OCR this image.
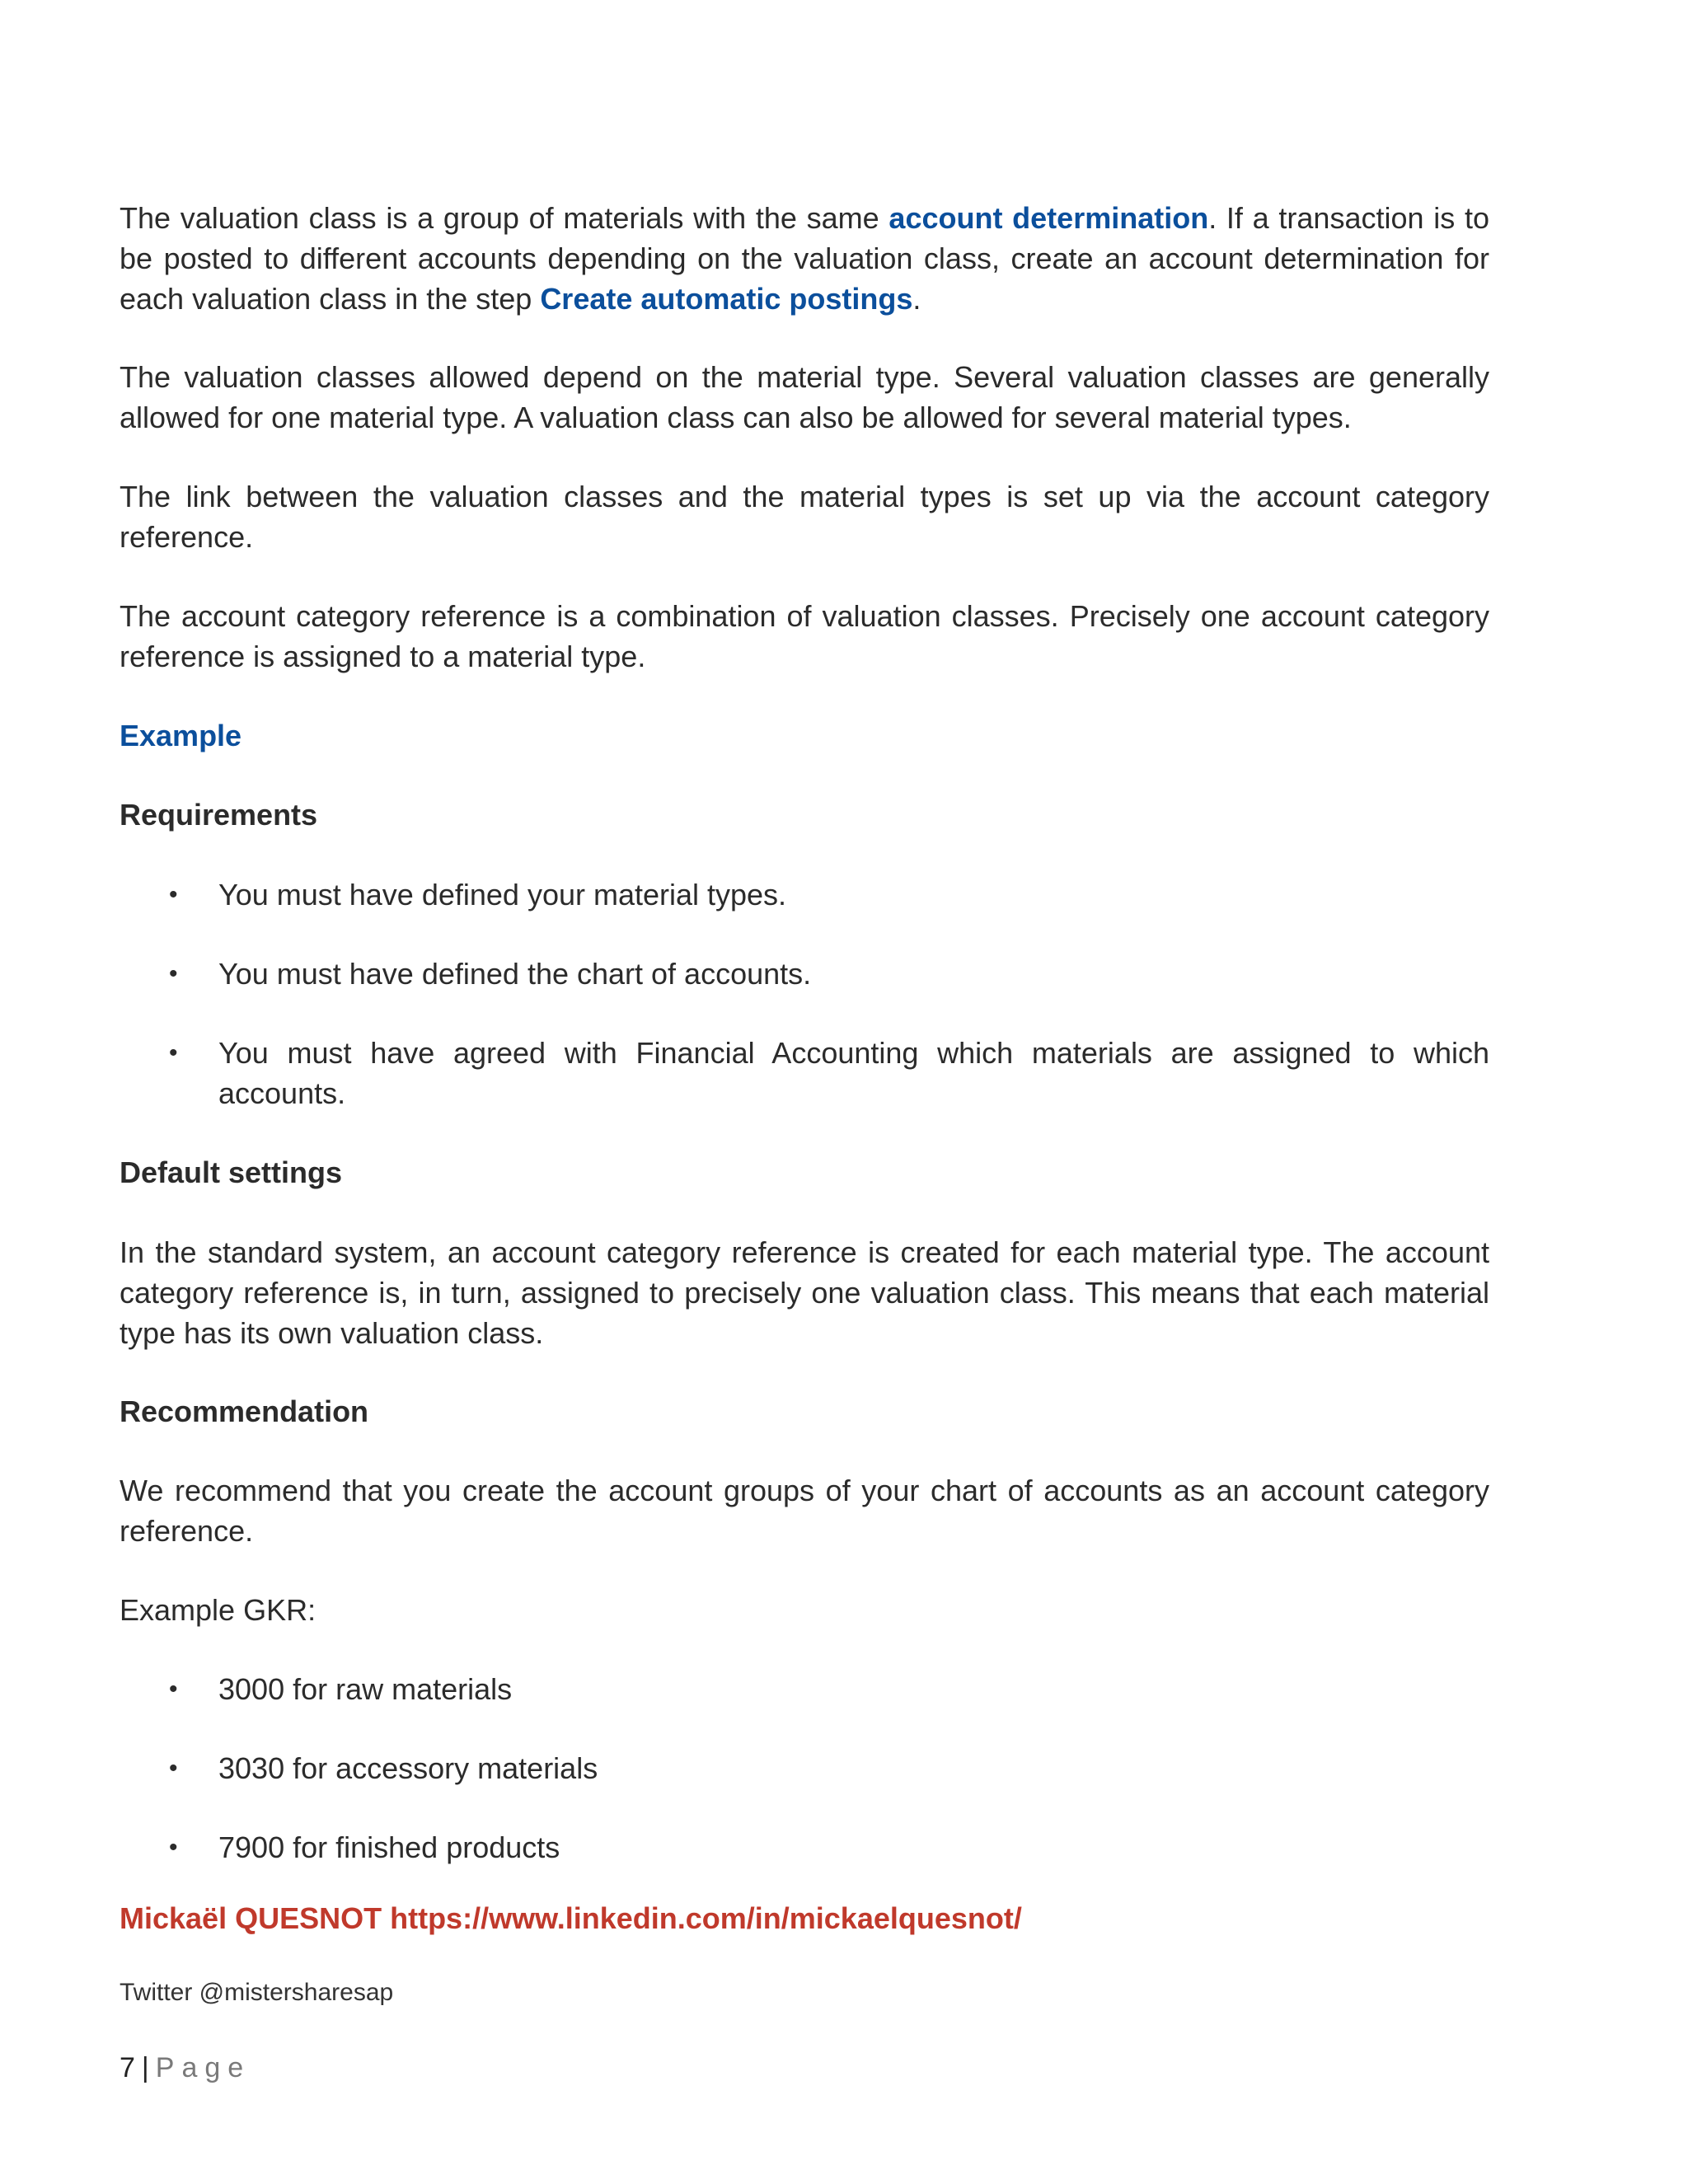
The valuation class is a group of materials with the same account determination. If a transaction is to be posted to different accounts depending on the valuation class, create an account determination for each valuation class in the step Create automatic postings.

The valuation classes allowed depend on the material type. Several valuation classes are generally allowed for one material type. A valuation class can also be allowed for several material types.

The link between the valuation classes and the material types is set up via the account category reference.

The account category reference is a combination of valuation classes. Precisely one account category reference is assigned to a material type.

Example

Requirements

• You must have defined your material types.
• You must have defined the chart of accounts.
• You must have agreed with Financial Accounting which materials are assigned to which accounts.

Default settings

In the standard system, an account category reference is created for each material type. The account category reference is, in turn, assigned to precisely one valuation class. This means that each material type has its own valuation class.

Recommendation

We recommend that you create the account groups of your chart of accounts as an account category reference.

Example GKR:

• 3000 for raw materials
• 3030 for accessory materials
• 7900 for finished products
Mickaël QUESNOT https://www.linkedin.com/in/mickaelquesnot/
Twitter @mistersharesap
7 | Page
